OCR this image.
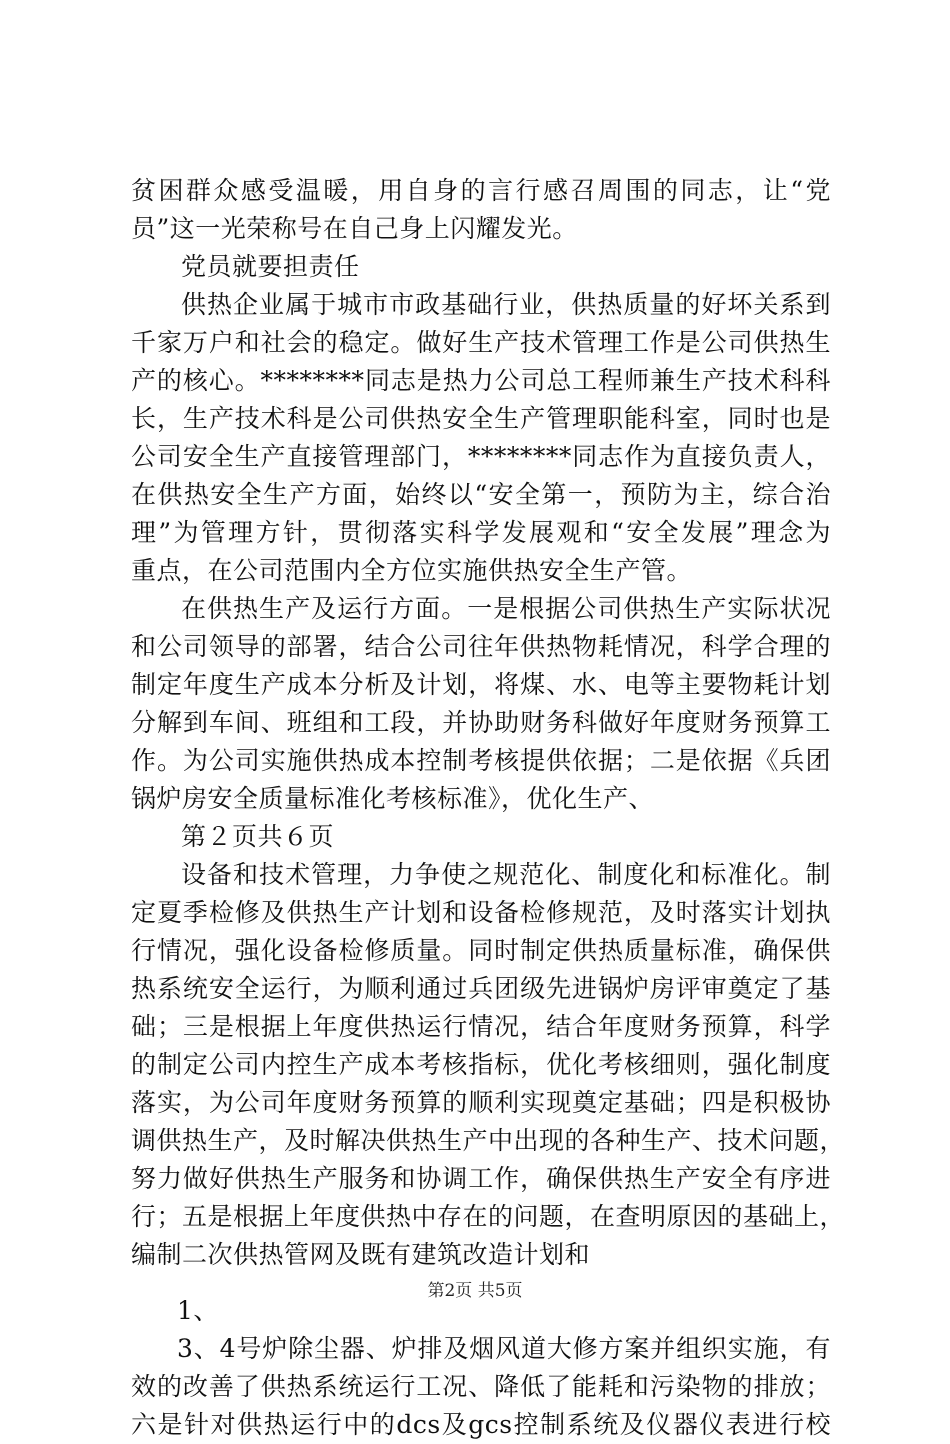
贫困群众感受温暖，用自身的言行感召周围的同志，让“党
员”这一光荣称号在自己身上闪耀发光。
党员就要担责任
供热企业属于城市市政基础行业，供热质量的好坏关系到
千家万户和社会的稳定。做好生产技术管理工作是公司供热生
产的核心。********同志是热力公司总工程师兼生产技术科科
长，生产技术科是公司供热安全生产管理职能科室，同时也是
公司安全生产直接管理部门，********同志作为直接负责人，
在供热安全生产方面，始终以“安全第一，预防为主，综合治
理”为管理方针，贯彻落实科学发展观和“安全发展”理念为
重点，在公司范围内全方位实施供热安全生产管。
在供热生产及运行方面。一是根据公司供热生产实际状况
和公司领导的部署，结合公司往年供热物耗情况，科学合理的
制定年度生产成本分析及计划，将煤、水、电等主要物耗计划
分解到车间、班组和工段，并协助财务科做好年度财务预算工
作。为公司实施供热成本控制考核提供依据；二是依据《兵团
锅炉房安全质量标准化考核标准》，优化生产、
第２页共６页
设备和技术管理，力争使之规范化、制度化和标准化。制
定夏季检修及供热生产计划和设备检修规范，及时落实计划执
行情况，强化设备检修质量。同时制定供热质量标准，确保供
热系统安全运行，为顺利通过兵团级先进锅炉房评审奠定了基
础；三是根据上年度供热运行情况，结合年度财务预算，科学
的制定公司内控生产成本考核指标，优化考核细则，强化制度
落实，为公司年度财务预算的顺利实现奠定基础；四是积极协
调供热生产，及时解决供热生产中出现的各种生产、技术问题，
努力做好供热生产服务和协调工作，确保供热生产安全有序进
行；五是根据上年度供热中存在的问题，在查明原因的基础上，
编制二次供热管网及既有建筑改造计划和
1、
3、4号炉除尘器、炉排及烟风道大修方案并组织实施，有
效的改善了供热系统运行工况、降低了能耗和污染物的排放；
六是针对供热运行中的dcs及gcs控制系统及仪器仪表进行校
第2页 共5页
